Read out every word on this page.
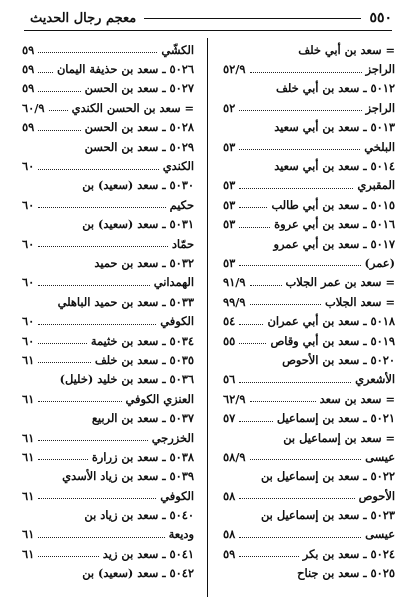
٥٥٠
معجم رجال الحديث
= سعد بن أبي خلف
الراجز
٥٢/٩
٥٠١٢ ـ سعد بن أبي خلف
الراجز
٥٢
٥٠١٣ ـ سعد بن أبي سعيد
البلخي
٥٣
٥٠١٤ ـ سعد بن أبي سعيد
المقبري
٥٣
٥٠١٥ ـ سعد بن أبي طالب
٥٣
٥٠١٦ ـ سعد بن أبي عروة
٥٣
٥٠١٧ ـ سعد بن أبي عمرو
(عمر)
٥٣
= سعد بن عمر الجلاب
٩١/٩
= سعد الجلاب
٩٩/٩
٥٠١٨ ـ سعد بن أبي عمران
٥٤
٥٠١٩ ـ سعد بن أبي وقاص
٥٥
٥٠٢٠ ـ سعد بن الأحوص
الأشعري
٥٦
= سعد بن سعد
٦٢/٩
٥٠٢١ ـ سعد بن إسماعيل
٥٧
= سعد بن إسماعيل بن
عيسى
٥٨/٩
٥٠٢٢ ـ سعد بن إسماعيل بن
الأحوص
٥٨
٥٠٢٣ ـ سعد بن إسماعيل بن
عيسى
٥٨
٥٠٢٤ ـ سعد بن بكر
٥٩
٥٠٢٥ ـ سعد بن جناح
الكشّي
٥٩
٥٠٢٦ ـ سعد بن حذيفة اليمان
٥٩
٥٠٢٧ ـ سعد بن الحسن
٥٩
= سعد بن الحسن الكندي
٦٠/٩
٥٠٢٨ ـ سعد بن الحسن
٥٩
٥٠٢٩ ـ سعد بن الحسن
الكندي
٦٠
٥٠٣٠ ـ سعد (سعيد) بن
حكيم
٦٠
٥٠٣١ ـ سعد (سعيد) بن
حمّاد
٦٠
٥٠٣٢ ـ سعد بن حميد
الهمداني
٦٠
٥٠٣٣ ـ سعد بن حميد الباهلي
الكوفي
٦٠
٥٠٣٤ ـ سعد بن خثيمة
٦٠
٥٠٣٥ ـ سعد بن خلف
٦١
٥٠٣٦ ـ سعد بن خليد (خليل)
العنزي الكوفي
٦١
٥٠٣٧ ـ سعد بن الربيع
الخزرجي
٦١
٥٠٣٨ ـ سعد بن زرارة
٦١
٥٠٣٩ ـ سعد بن زياد الأسدي
الكوفي
٦١
٥٠٤٠ ـ سعد بن زياد بن
وديعة
٦١
٥٠٤١ ـ سعد بن زيد
٦١
٥٠٤٢ ـ سعد (سعيد) بن
